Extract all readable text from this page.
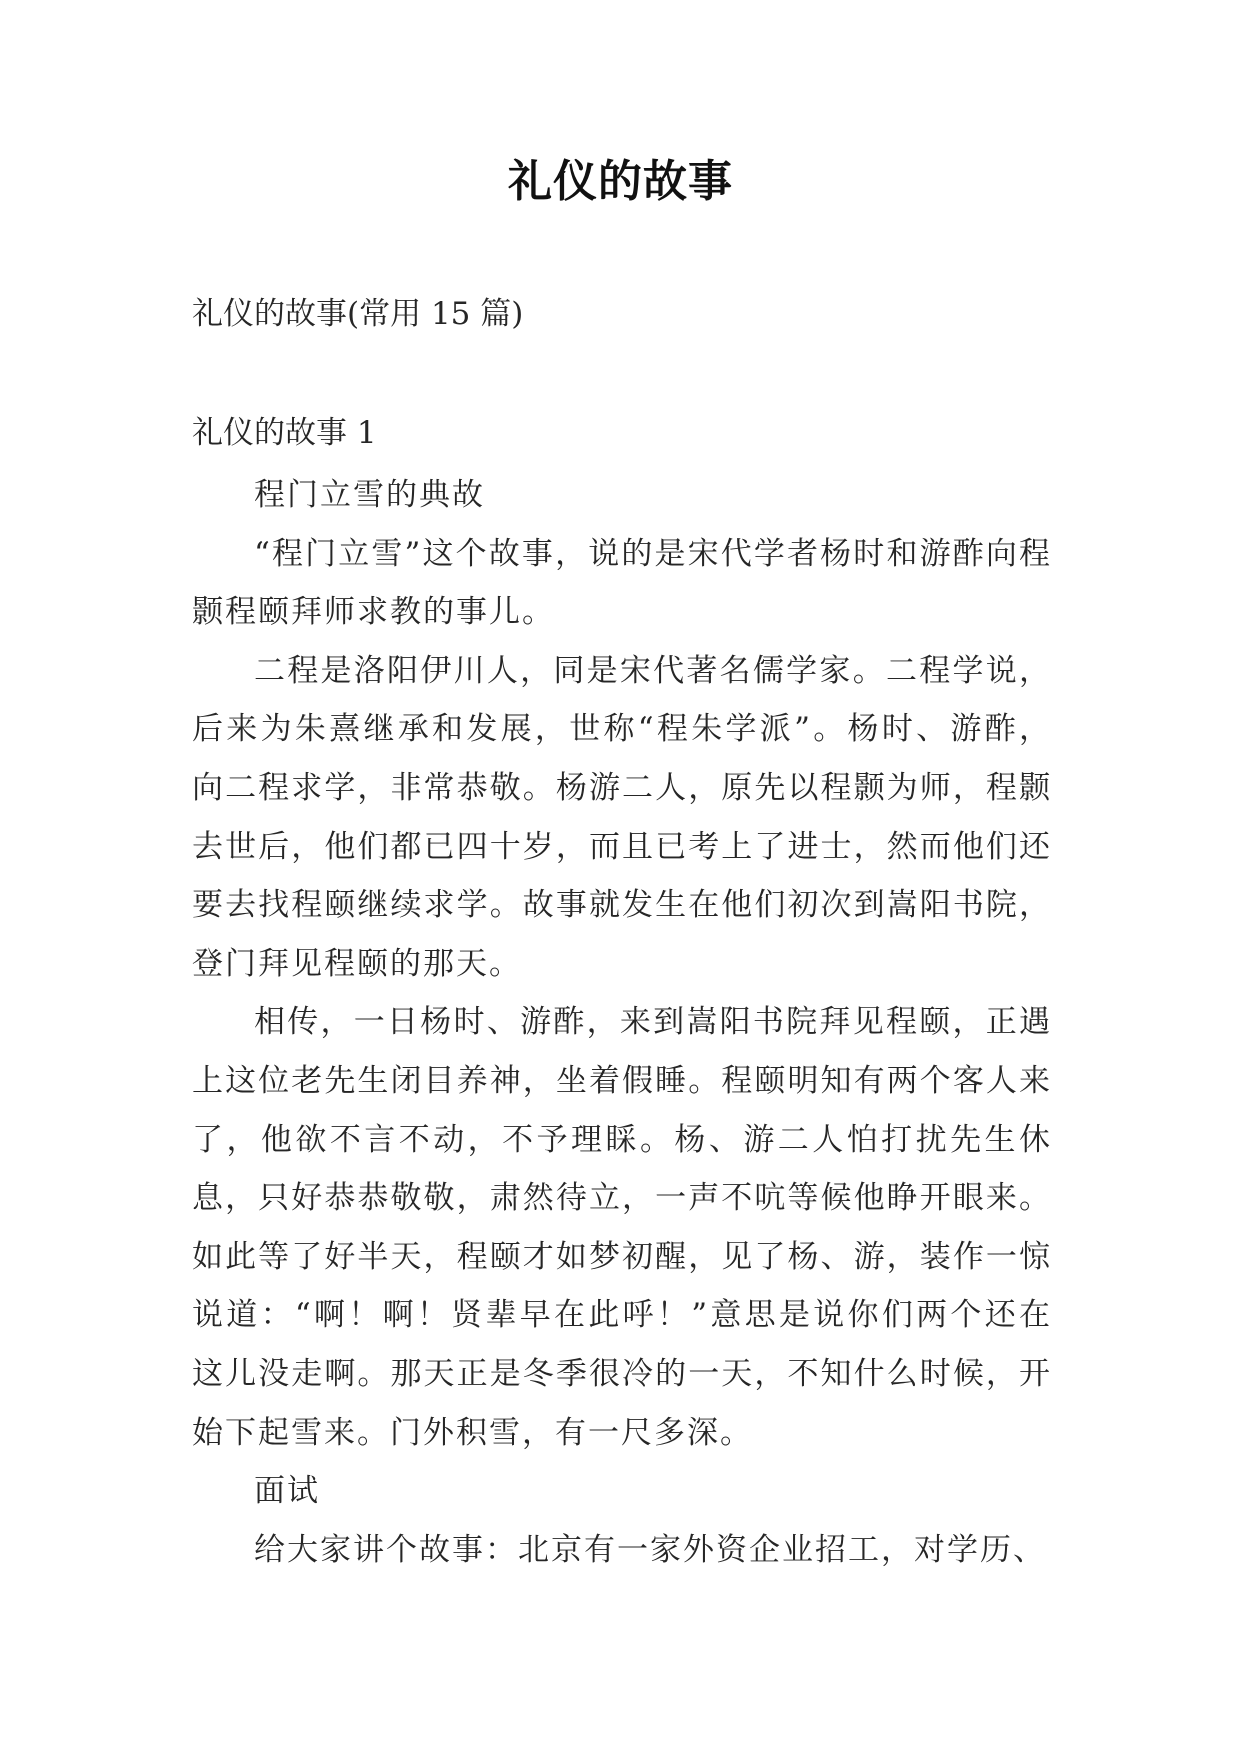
礼仪的故事
礼仪的故事(常用 15 篇)
礼仪的故事 1

程门立雪的典故

“程门立雪”这个故事，说的是宋代学者杨时和游酢向程颢程颐拜师求教的事儿。

二程是洛阳伊川人，同是宋代著名儒学家。二程学说，后来为朱熹继承和发展，世称“程朱学派”。杨时、游酢，向二程求学，非常恭敬。杨游二人，原先以程颢为师，程颢去世后，他们都已四十岁，而且已考上了进士，然而他们还要去找程颐继续求学。故事就发生在他们初次到嵩阳书院，登门拜见程颐的那天。

相传，一日杨时、游酢，来到嵩阳书院拜见程颐，正遇上这位老先生闭目养神，坐着假睡。程颐明知有两个客人来了，他欲不言不动，不予理睬。杨、游二人怕打扰先生休息，只好恭恭敬敬，肃然待立，一声不吭等候他睁开眼来。如此等了好半天，程颐才如梦初醒，见了杨、游，装作一惊说道：“啊！啊！贤辈早在此呼！”意思是说你们两个还在这儿没走啊。那天正是冬季很冷的一天，不知什么时候，开始下起雪来。门外积雪，有一尺多深。

面试

给大家讲个故事：北京有一家外资企业招工，对学历、
